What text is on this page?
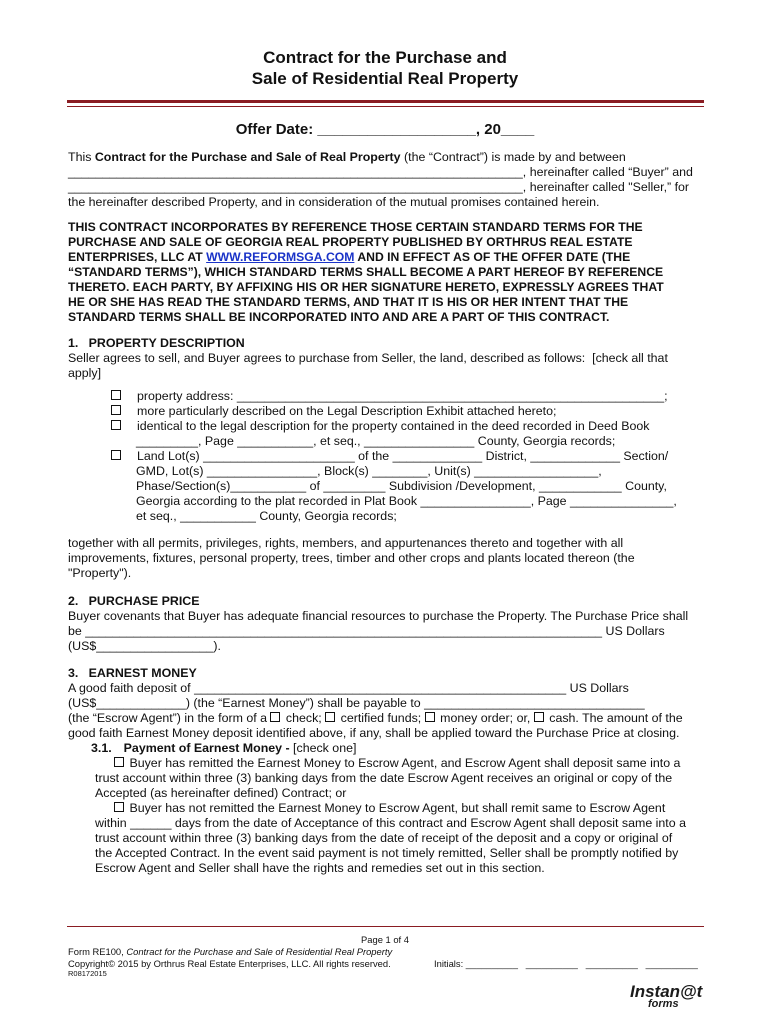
Contract for the Purchase and
Sale of Residential Real Property
Offer Date: ___________________, 20____
This Contract for the Purchase and Sale of Real Property (the “Contract”) is made by and between
__________________________________________________________________, hereinafter called “Buyer” and
__________________________________________________________________, hereinafter called "Seller,” for
the hereinafter described Property, and in consideration of the mutual promises contained herein.
THIS CONTRACT INCORPORATES BY REFERENCE THOSE CERTAIN STANDARD TERMS FOR THE
PURCHASE AND SALE OF GEORGIA REAL PROPERTY PUBLISHED BY ORTHRUS REAL ESTATE
ENTERPRISES, LLC AT WWW.REFORMSGA.COM AND IN EFFECT AS OF THE OFFER DATE (THE
“STANDARD TERMS”), WHICH STANDARD TERMS SHALL BECOME A PART HEREOF BY REFERENCE
THERETO. EACH PARTY, BY AFFIXING HIS OR HER SIGNATURE HERETO, EXPRESSLY AGREES THAT
HE OR SHE HAS READ THE STANDARD TERMS, AND THAT IT IS HIS OR HER INTENT THAT THE
STANDARD TERMS SHALL BE INCORPORATED INTO AND ARE A PART OF THIS CONTRACT.
1.   PROPERTY DESCRIPTION
Seller agrees to sell, and Buyer agrees to purchase from Seller, the land, described as follows:  [check all that
apply]
property address: ______________________________________________________________;
more particularly described on the Legal Description Exhibit attached hereto;
identical to the legal description for the property contained in the deed recorded in Deed Book
_________, Page ___________, et seq., ________________ County, Georgia records;
Land Lot(s) ______________________ of the _____________ District, _____________ Section/
GMD, Lot(s) ________________, Block(s) ________, Unit(s) __________________,
Phase/Section(s)___________ of _________ Subdivision /Development, ____________ County,
Georgia according to the plat recorded in Plat Book ________________, Page _______________,
et seq., ___________ County, Georgia records;
together with all permits, privileges, rights, members, and appurtenances thereto and together with all
improvements, fixtures, personal property, trees, timber and other crops and plants located thereon (the
"Property").
2.   PURCHASE PRICE
Buyer covenants that Buyer has adequate financial resources to purchase the Property. The Purchase Price shall
be ___________________________________________________________________________ US Dollars
(US$_________________).
3.   EARNEST MONEY
A good faith deposit of ______________________________________________________ US Dollars
(US$_____________) (the “Earnest Money”) shall be payable to ________________________________
(the “Escrow Agent”) in the form of a  check;  certified funds;  money order; or,  cash. The amount of the
good faith Earnest Money deposit identified above, if any, shall be applied toward the Purchase Price at closing.
3.1. Payment of Earnest Money - [check one]
Buyer has remitted the Earnest Money to Escrow Agent, and Escrow Agent shall deposit same into a
trust account within three (3) banking days from the date Escrow Agent receives an original or copy of the
Accepted (as hereinafter defined) Contract; or
Buyer has not remitted the Earnest Money to Escrow Agent, but shall remit same to Escrow Agent
within ______ days from the date of Acceptance of this contract and Escrow Agent shall deposit same into a
trust account within three (3) banking days from the date of receipt of the deposit and a copy or original of
the Accepted Contract. In the event said payment is not timely remitted, Seller shall be promptly notified by
Escrow Agent and Seller shall have the rights and remedies set out in this section.
Page 1 of 4
Form RE100, Contract for the Purchase and Sale of Residential Real Property
Copyright© 2015 by Orthrus Real Estate Enterprises, LLC. All rights reserved.	Initials: __________   __________   __________   __________
R08172015
Instan@t
forms
